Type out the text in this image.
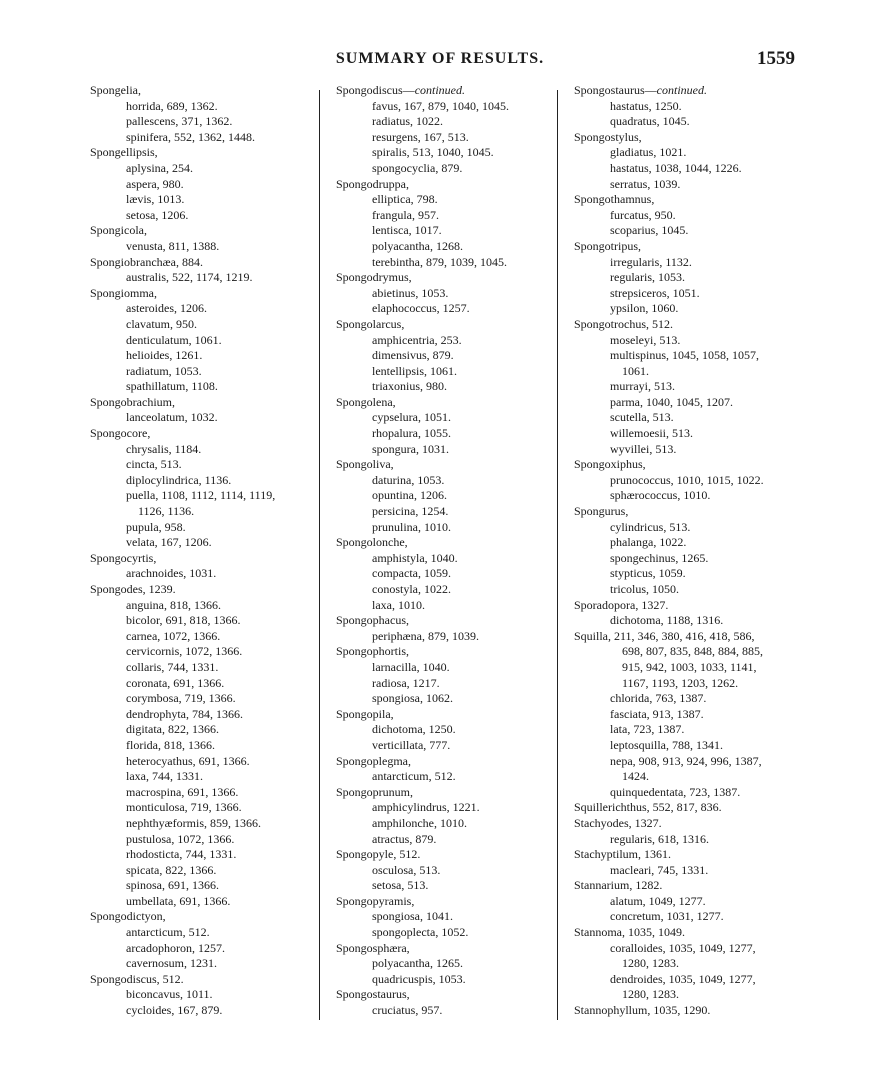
SUMMARY OF RESULTS.	1559
Spongelia,
horrida, 689, 1362.
pallescens, 371, 1362.
spinifera, 552, 1362, 1448.
Spongellipsis,
aplysina, 254.
aspera, 980.
lævis, 1013.
setosa, 1206.
Spongicola,
venusta, 811, 1388.
Spongiobranchæa, 884.
australis, 522, 1174, 1219.
Spongiomma,
asteroides, 1206.
clavatum, 950.
denticulatum, 1061.
helioides, 1261.
radiatum, 1053.
spathillatum, 1108.
Spongobrachium,
lanceolatum, 1032.
Spongocore,
chrysalis, 1184.
cincta, 513.
diplocylindrica, 1136.
puella, 1108, 1112, 1114, 1119,
1126, 1136.
pupula, 958.
velata, 167, 1206.
Spongocyrtis,
arachnoides, 1031.
Spongodes, 1239.
anguina, 818, 1366.
bicolor, 691, 818, 1366.
carnea, 1072, 1366.
cervicornis, 1072, 1366.
collaris, 744, 1331.
coronata, 691, 1366.
corymbosa, 719, 1366.
dendrophyta, 784, 1366.
digitata, 822, 1366.
florida, 818, 1366.
heterocyathus, 691, 1366.
laxa, 744, 1331.
macrospina, 691, 1366.
monticulosa, 719, 1366.
nephthyæformis, 859, 1366.
pustulosa, 1072, 1366.
rhodosticta, 744, 1331.
spicata, 822, 1366.
spinosa, 691, 1366.
umbellata, 691, 1366.
Spongodictyon,
antarcticum, 512.
arcadophoron, 1257.
cavernosum, 1231.
Spongodiscus, 512.
biconcavus, 1011.
cycloides, 167, 879.
Spongodiscus—continued.
favus, 167, 879, 1040, 1045.
radiatus, 1022.
resurgens, 167, 513.
spiralis, 513, 1040, 1045.
spongocyclia, 879.
Spongodruppa,
elliptica, 798.
frangula, 957.
lentisca, 1017.
polyacantha, 1268.
terebintha, 879, 1039, 1045.
Spongodrymus,
abietinus, 1053.
elaphococcus, 1257.
Spongolarcus,
amphicentria, 253.
dimensivus, 879.
lentellipsis, 1061.
triaxonius, 980.
Spongolena,
cypselura, 1051.
rhopalura, 1055.
spongura, 1031.
Spongoliva,
daturina, 1053.
opuntina, 1206.
persicina, 1254.
prunulina, 1010.
Spongolonche,
amphistyla, 1040.
compacta, 1059.
conostyla, 1022.
laxa, 1010.
Spongophacus,
periphæna, 879, 1039.
Spongophortis,
larnacilla, 1040.
radiosa, 1217.
spongiosa, 1062.
Spongopila,
dichotoma, 1250.
verticillata, 777.
Spongoplegma,
antarcticum, 512.
Spongoprunum,
amphicylindrus, 1221.
amphilonche, 1010.
atractus, 879.
Spongopyle, 512.
osculosa, 513.
setosa, 513.
Spongopyramis,
spongiosa, 1041.
spongoplecta, 1052.
Spongosphæra,
polyacantha, 1265.
quadricuspis, 1053.
Spongostaurus,
cruciatus, 957.
Spongostaurus—continued.
hastatus, 1250.
quadratus, 1045.
Spongostylus,
gladiatus, 1021.
hastatus, 1038, 1044, 1226.
serratus, 1039.
Spongothamnus,
furcatus, 950.
scoparius, 1045.
Spongotripus,
irregularis, 1132.
regularis, 1053.
strepsiceros, 1051.
ypsilon, 1060.
Spongotrochus, 512.
moseleyi, 513.
multispinus, 1045, 1058, 1057,
1061.
murrayi, 513.
parma, 1040, 1045, 1207.
scutella, 513.
willemoesii, 513.
wyvillei, 513.
Spongoxiphus,
prunococcus, 1010, 1015, 1022.
sphærococcus, 1010.
Spongurus,
cylindricus, 513.
phalanga, 1022.
spongechinus, 1265.
stypticus, 1059.
tricolus, 1050.
Sporadopora, 1327.
dichotoma, 1188, 1316.
Squilla, 211, 346, 380, 416, 418, 586,
698, 807, 835, 848, 884, 885,
915, 942, 1003, 1033, 1141,
1167, 1193, 1203, 1262.
chlorida, 763, 1387.
fasciata, 913, 1387.
lata, 723, 1387.
leptosquilla, 788, 1341.
nepa, 908, 913, 924, 996, 1387,
1424.
quinquedentata, 723, 1387.
Squillerichthus, 552, 817, 836.
Stachyodes, 1327.
regularis, 618, 1316.
Stachyptilum, 1361.
macleari, 745, 1331.
Stannarium, 1282.
alatum, 1049, 1277.
concretum, 1031, 1277.
Stannoma, 1035, 1049.
coralloides, 1035, 1049, 1277,
1280, 1283.
dendroides, 1035, 1049, 1277,
1280, 1283.
Stannophyllum, 1035, 1290.
